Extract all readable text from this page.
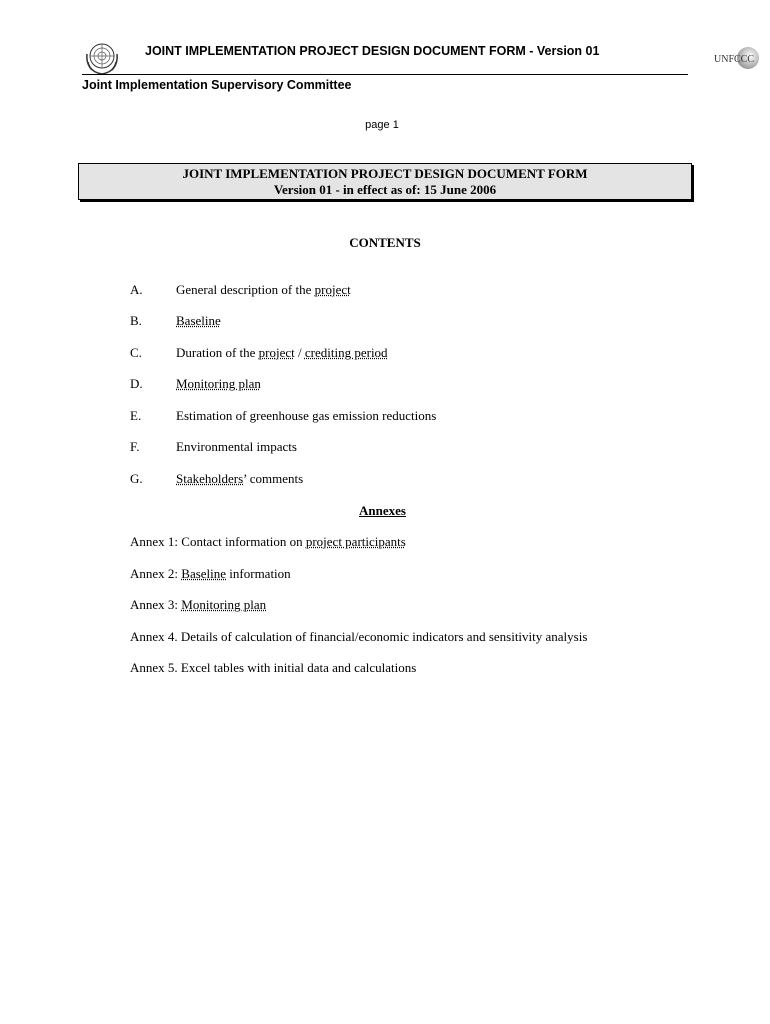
JOINT IMPLEMENTATION PROJECT DESIGN DOCUMENT FORM - Version 01
UNFCCC
Joint Implementation Supervisory Committee
page 1
JOINT IMPLEMENTATION PROJECT DESIGN DOCUMENT FORM
Version 01 - in effect as of: 15 June 2006
CONTENTS
A.	General description of the project
B.	Baseline
C.	Duration of the project / crediting period
D.	Monitoring plan
E.	Estimation of greenhouse gas emission reductions
F.	Environmental impacts
G.	Stakeholders’ comments
Annexes
Annex 1: Contact information on project participants
Annex 2: Baseline information
Annex 3: Monitoring plan
Annex 4. Details of calculation of financial/economic indicators and sensitivity analysis
Annex 5. Excel tables with initial data and calculations
